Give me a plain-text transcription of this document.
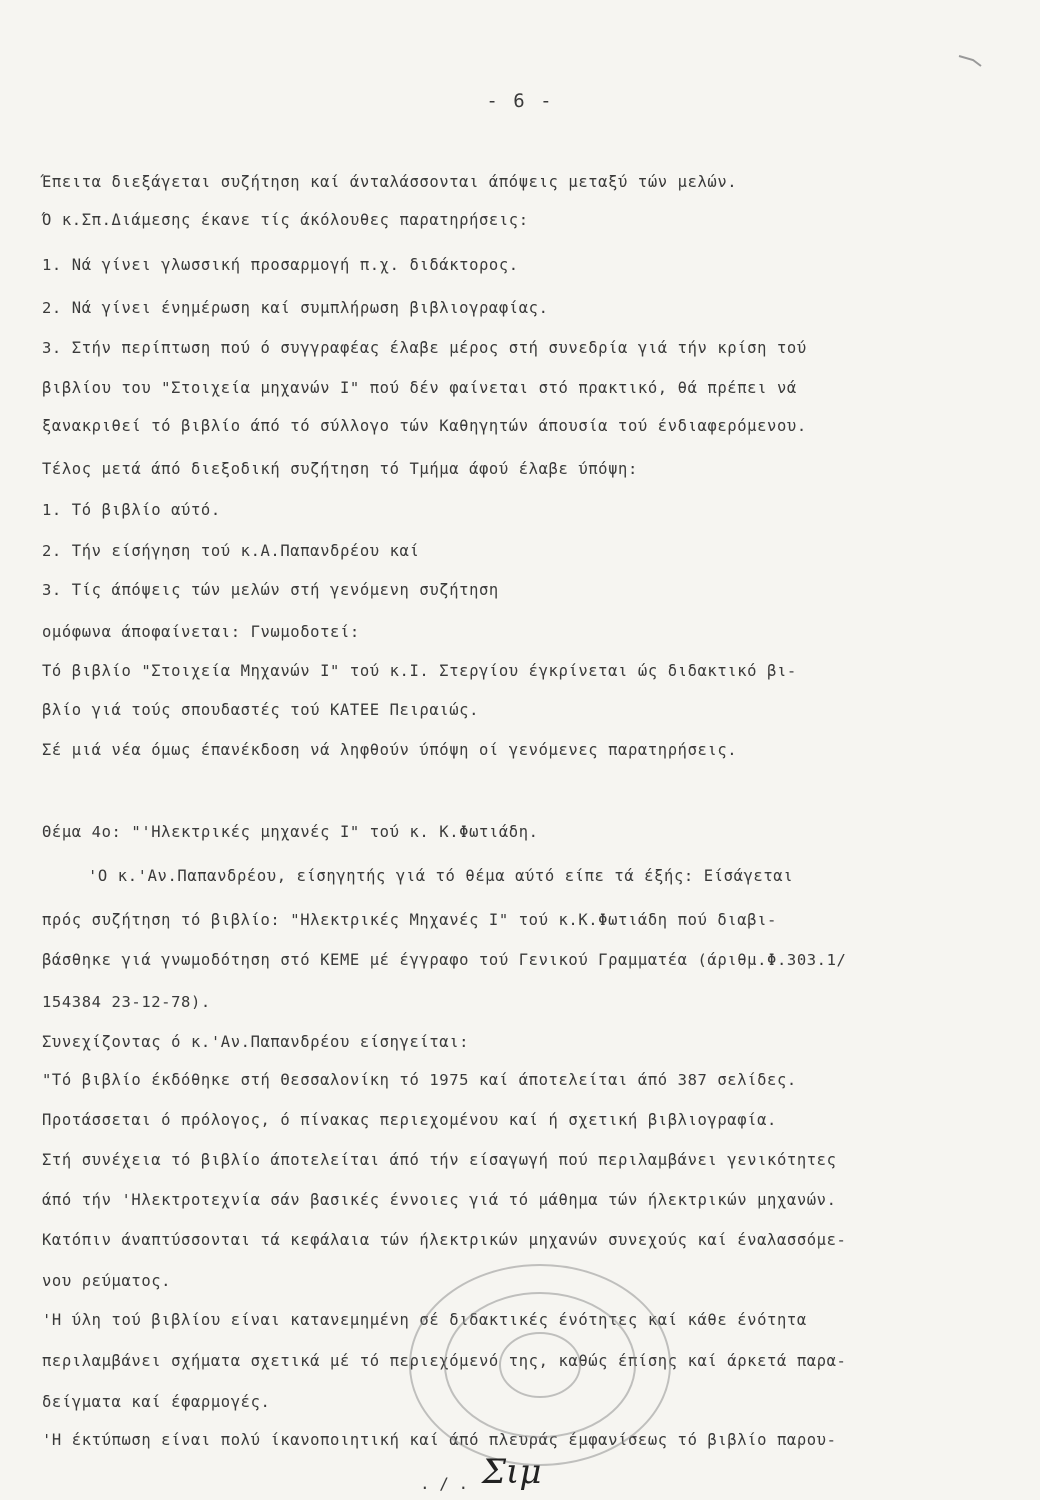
- 6 -
Έπειτα διεξάγεται συζήτηση καί άνταλάσσονται άπόψεις μεταξύ τών μελών.
Ό κ.Σπ.Διάμεσης έκανε τίς άκόλουθες παρατηρήσεις:
1. Νά γίνει γλωσσική προσαρμογή π.χ. διδάκτορος.
2. Νά γίνει ένημέρωση καί συμπλήρωση βιβλιογραφίας.
3. Στήν περίπτωση πού ό συγγραφέας έλαβε μέρος στή συνεδρία γιά τήν κρίση τού
βιβλίου του "Στοιχεία μηχανών Ι" πού δέν φαίνεται στό πρακτικό, θά πρέπει νά
ξανακριθεί τό βιβλίο άπό τό σύλλογο τών Καθηγητών άπουσία τού ένδιαφερόμενου.
Τέλος μετά άπό διεξοδική συζήτηση τό Τμήμα άφού έλαβε ύπόψη:
1. Τό βιβλίο αύτό.
2. Τήν είσήγηση τού κ.Α.Παπανδρέου καί
3. Τίς άπόψεις τών μελών στή γενόμενη συζήτηση
ομόφωνα άποφαίνεται: Γνωμοδοτεί:
Τό βιβλίο "Στοιχεία Μηχανών Ι" τού κ.Ι. Στεργίου έγκρίνεται ώς διδακτικό βι-
βλίο γιά τούς σπουδαστές τού ΚΑΤΕΕ Πειραιώς.
Σέ μιά νέα όμως έπανέκδοση νά ληφθούν ύπόψη οί γενόμενες παρατηρήσεις.
Θέμα 4ο: "'Ηλεκτρικές μηχανές Ι" τού κ. Κ.Φωτιάδη.
'Ο κ.'Αν.Παπανδρέου, είσηγητής γιά τό θέμα αύτό είπε τά έξής: Είσάγεται
πρός συζήτηση τό βιβλίο: "Ηλεκτρικές Μηχανές Ι" τού κ.Κ.Φωτιάδη πού διαβι-
βάσθηκε γιά γνωμοδότηση στό ΚΕΜΕ μέ έγγραφο τού Γενικού Γραμματέα (άριθμ.Φ.303.1/
154384 23-12-78).
Συνεχίζοντας ό κ.'Αν.Παπανδρέου είσηγείται:
"Τό βιβλίο έκδόθηκε στή Θεσσαλονίκη τό 1975 καί άποτελείται άπό 387 σελίδες.
Προτάσσεται ό πρόλογος, ό πίνακας περιεχομένου καί ή σχετική βιβλιογραφία.
Στή συνέχεια τό βιβλίο άποτελείται άπό τήν είσαγωγή πού περιλαμβάνει γενικότητες
άπό τήν 'Ηλεκτροτεχνία σάν βασικές έννοιες γιά τό μάθημα τών ήλεκτρικών μηχανών.
Κατόπιν άναπτύσσονται τά κεφάλαια τών ήλεκτρικών μηχανών συνεχούς καί έναλασσόμε-
νου ρεύματος.
'Η ύλη τού βιβλίου είναι κατανεμημένη σέ διδακτικές ένότητες καί κάθε ένότητα
περιλαμβάνει σχήματα σχετικά μέ τό περιεχόμενό της, καθώς έπίσης καί άρκετά παρα-
δείγματα καί έφαρμογές.
'Η έκτύπωση είναι πολύ ίκανοποιητική καί άπό πλευράς έμφανίσεως τό βιβλίο παρου-
. / . Σιμ
